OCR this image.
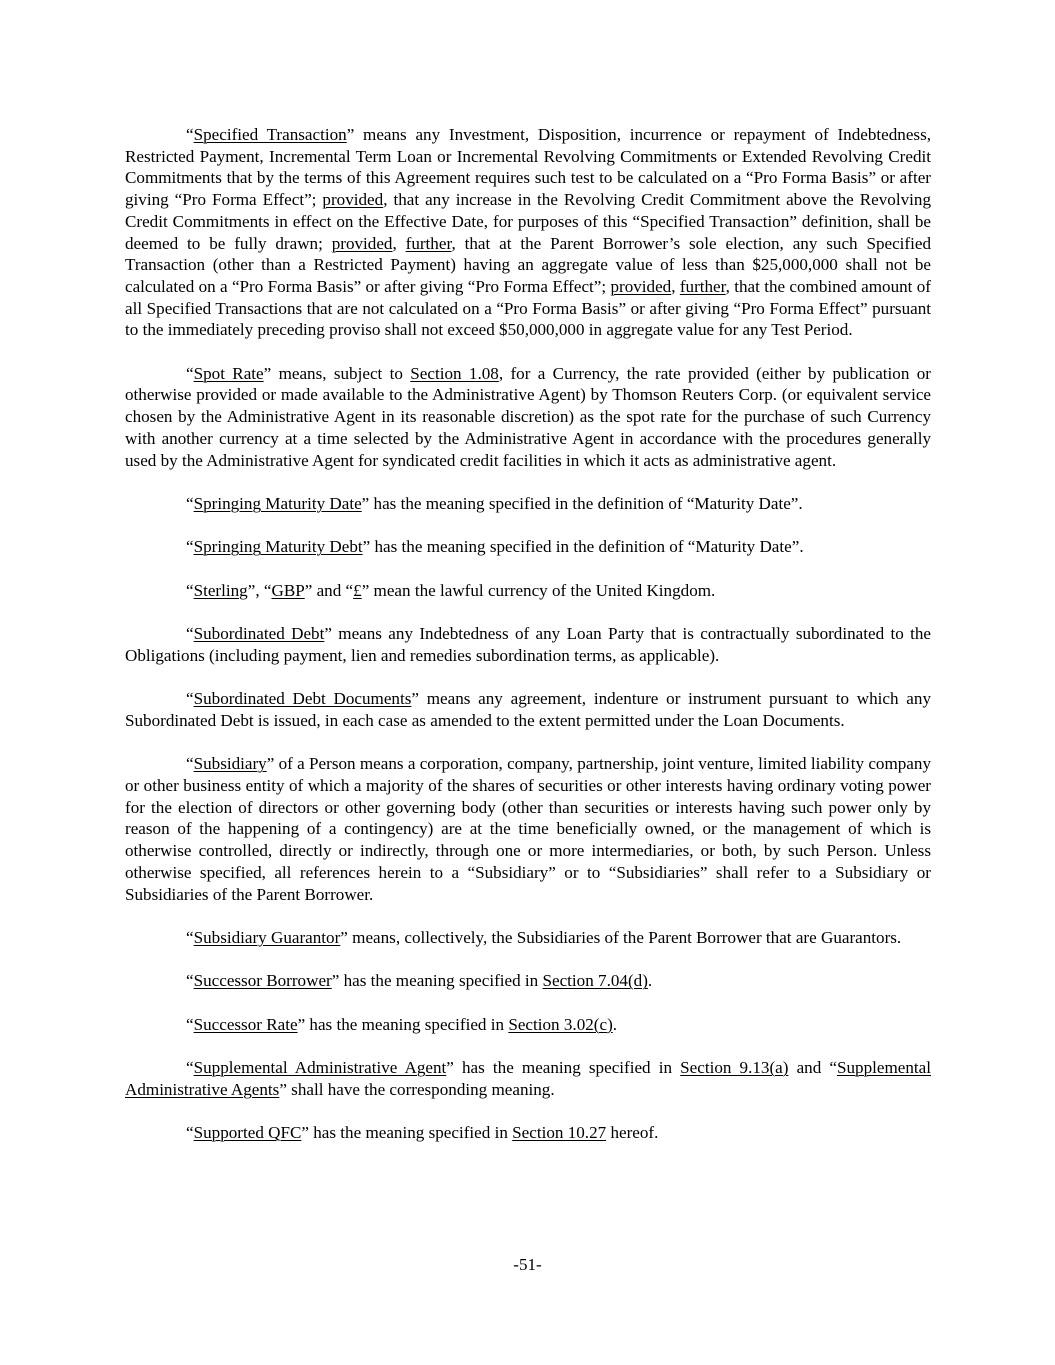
“Specified Transaction” means any Investment, Disposition, incurrence or repayment of Indebtedness, Restricted Payment, Incremental Term Loan or Incremental Revolving Commitments or Extended Revolving Credit Commitments that by the terms of this Agreement requires such test to be calculated on a “Pro Forma Basis” or after giving “Pro Forma Effect”; provided, that any increase in the Revolving Credit Commitment above the Revolving Credit Commitments in effect on the Effective Date, for purposes of this “Specified Transaction” definition, shall be deemed to be fully drawn; provided, further, that at the Parent Borrower’s sole election, any such Specified Transaction (other than a Restricted Payment) having an aggregate value of less than $25,000,000 shall not be calculated on a “Pro Forma Basis” or after giving “Pro Forma Effect”; provided, further, that the combined amount of all Specified Transactions that are not calculated on a “Pro Forma Basis” or after giving “Pro Forma Effect” pursuant to the immediately preceding proviso shall not exceed $50,000,000 in aggregate value for any Test Period.

“Spot Rate” means, subject to Section 1.08, for a Currency, the rate provided (either by publication or otherwise provided or made available to the Administrative Agent) by Thomson Reuters Corp. (or equivalent service chosen by the Administrative Agent in its reasonable discretion) as the spot rate for the purchase of such Currency with another currency at a time selected by the Administrative Agent in accordance with the procedures generally used by the Administrative Agent for syndicated credit facilities in which it acts as administrative agent.

“Springing Maturity Date” has the meaning specified in the definition of “Maturity Date”.

“Springing Maturity Debt” has the meaning specified in the definition of “Maturity Date”.

“Sterling”, “GBP” and “£” mean the lawful currency of the United Kingdom.

“Subordinated Debt” means any Indebtedness of any Loan Party that is contractually subordinated to the Obligations (including payment, lien and remedies subordination terms, as applicable).

“Subordinated Debt Documents” means any agreement, indenture or instrument pursuant to which any Subordinated Debt is issued, in each case as amended to the extent permitted under the Loan Documents.

“Subsidiary” of a Person means a corporation, company, partnership, joint venture, limited liability company or other business entity of which a majority of the shares of securities or other interests having ordinary voting power for the election of directors or other governing body (other than securities or interests having such power only by reason of the happening of a contingency) are at the time beneficially owned, or the management of which is otherwise controlled, directly or indirectly, through one or more intermediaries, or both, by such Person. Unless otherwise specified, all references herein to a “Subsidiary” or to “Subsidiaries” shall refer to a Subsidiary or Subsidiaries of the Parent Borrower.

“Subsidiary Guarantor” means, collectively, the Subsidiaries of the Parent Borrower that are Guarantors.

“Successor Borrower” has the meaning specified in Section 7.04(d).

“Successor Rate” has the meaning specified in Section 3.02(c).

“Supplemental Administrative Agent” has the meaning specified in Section 9.13(a) and “Supplemental Administrative Agents” shall have the corresponding meaning.

“Supported QFC” has the meaning specified in Section 10.27 hereof.

-51-
